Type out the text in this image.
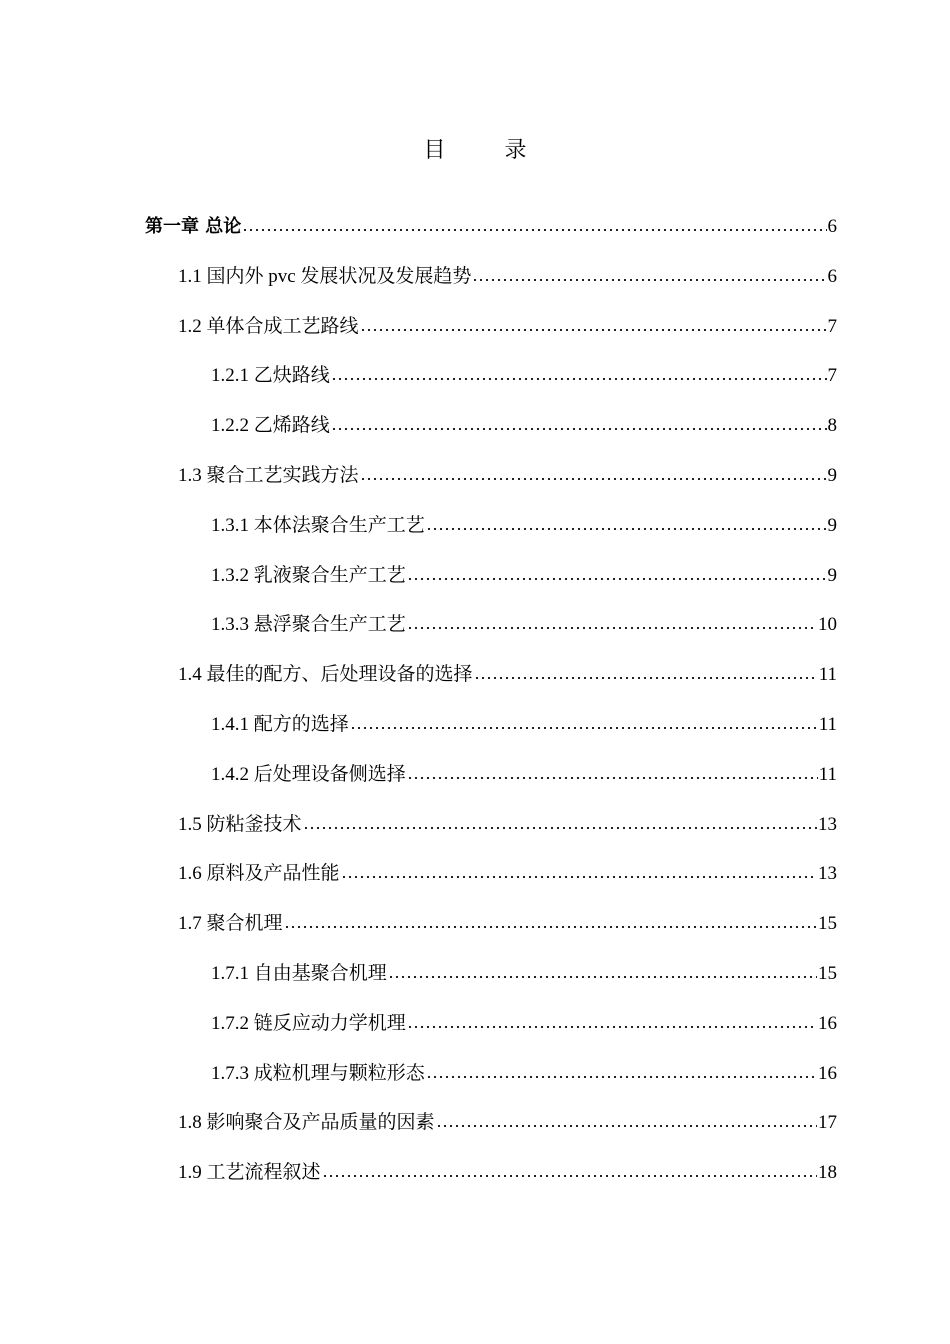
目 录
第一章 总论	6
1.1 国内外 pvc 发展状况及发展趋势	6
1.2 单体合成工艺路线	7
1.2.1 乙炔路线	7
1.2.2 乙烯路线	8
1.3 聚合工艺实践方法	9
1.3.1 本体法聚合生产工艺	9
1.3.2 乳液聚合生产工艺	9
1.3.3 悬浮聚合生产工艺	10
1.4 最佳的配方、后处理设备的选择	11
1.4.1 配方的选择	11
1.4.2 后处理设备侧选择	11
1.5 防粘釜技术	13
1.6 原料及产品性能	13
1.7 聚合机理	15
1.7.1 自由基聚合机理	15
1.7.2 链反应动力学机理	16
1.7.3 成粒机理与颗粒形态	16
1.8 影响聚合及产品质量的因素	17
1.9 工艺流程叙述	18
